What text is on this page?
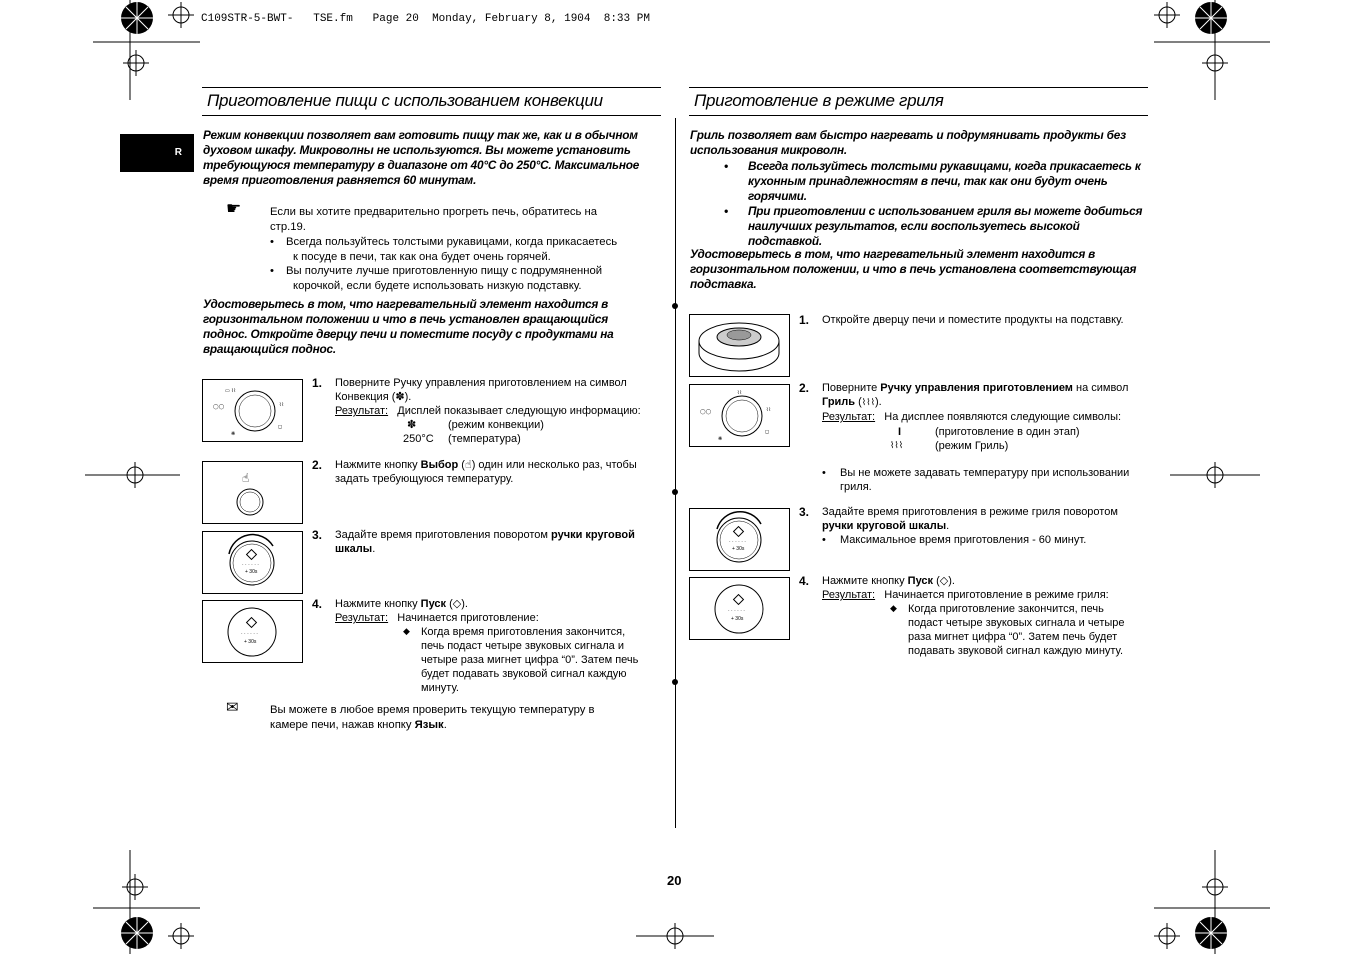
C109STR-5-BWT- TSE.fm Page 20 Monday, February 8, 1904 8:33 PM
R
Приготовление пищи с использованием конвекции
Режим конвекции позволяет вам готовить пищу так же, как и в обычном
духовом шкафу. Микроволны не используются. Вы можете установить
требующуюся температуру в диапазоне от 40°C до 250°C. Максимальное
время приготовления равняется 60 минутам.
☛	Если вы хотите предварительно прогреть печь, обратитесь на
стр.19.
• Всегда пользуйтесь толстыми рукавицами, когда прикасаетесь
к посуде в печи, так как она будет очень горячей.
• Вы получите лучше приготовленную пищу с подрумяненной
корочкой, если будете использовать низкую подставку.
Удостоверьтесь в том, что нагревательный элемент находится в
горизонтальном положении и что в печь установлен вращающийся
поднос. Откройте дверцу печи и поместите посуду с продуктами на
вращающийся поднос.
▭ ⌇⌇
◯◯	⌇⌇
❋
◻
1. Поверните Ручку управления приготовлением на символ
Конвекция (✽).
Результат: Дисплей показывает следующую информацию:
✽	(режим конвекции)
250°C (температура)
☝
2. Нажмите кнопку Выбор (☝) один или несколько раз, чтобы
задать требующуюся температуру.
· · · · · ·
+ 30s
3. Задайте время приготовления поворотом ручки круговой
шкалы.
· · · · · ·
+ 30s
4. Нажмите кнопку Пуск (◇).
Результат: Начинается приготовление:
◆ Когда время приготовления закончится,
печь подаст четыре звуковых сигнала и
четыре раза мигнет цифра “0”. Затем печь
будет подавать звуковой сигнал каждую
минуту.
✉	Вы можете в любое время проверить текущую температуру в
камере печи, нажав кнопку Язык.
Приготовление в режиме гриля
Гриль позволяет вам быстро нагревать и подрумянивать продукты без
использования микроволн.
• Всегда пользуйтесь толстыми рукавицами, когда прикасаетесь к
кухонным принадлежностям в печи, так как они будут очень
горячими.
• При приготовлении с использованием гриля вы можете добиться
наилучших результатов, если воспользуетесь высокой
подставкой.
Удостоверьтесь в том, что нагревательный элемент находится в
горизонтальном положении, и что в печь установлена соответствующая
подставка.
1. Откройте дверцу печи и поместите продукты на подставку.
⌇⌇
◯◯	⌇⌇
❋
◻
2. Поверните Ручку управления приготовлением на символ
Гриль (⌇⌇⌇).
Результат: На дисплее появляются следующие символы:
I	(приготовление в один этап)
⌇⌇⌇	(режим Гриль)
• Вы не можете задавать температуру при использовании
гриля.
· · · · · ·
+ 30s
3. Задайте время приготовления в режиме гриля поворотом
ручки круговой шкалы.
• Максимальное время приготовления - 60 минут.
· · · · · ·
+ 30s
4. Нажмите кнопку Пуск (◇).
Результат: Начинается приготовление в режиме гриля:
◆ Когда приготовление закончится, печь
подаст четыре звуковых сигнала и четыре
раза мигнет цифра “0”. Затем печь будет
подавать звуковой сигнал каждую минуту.
20
